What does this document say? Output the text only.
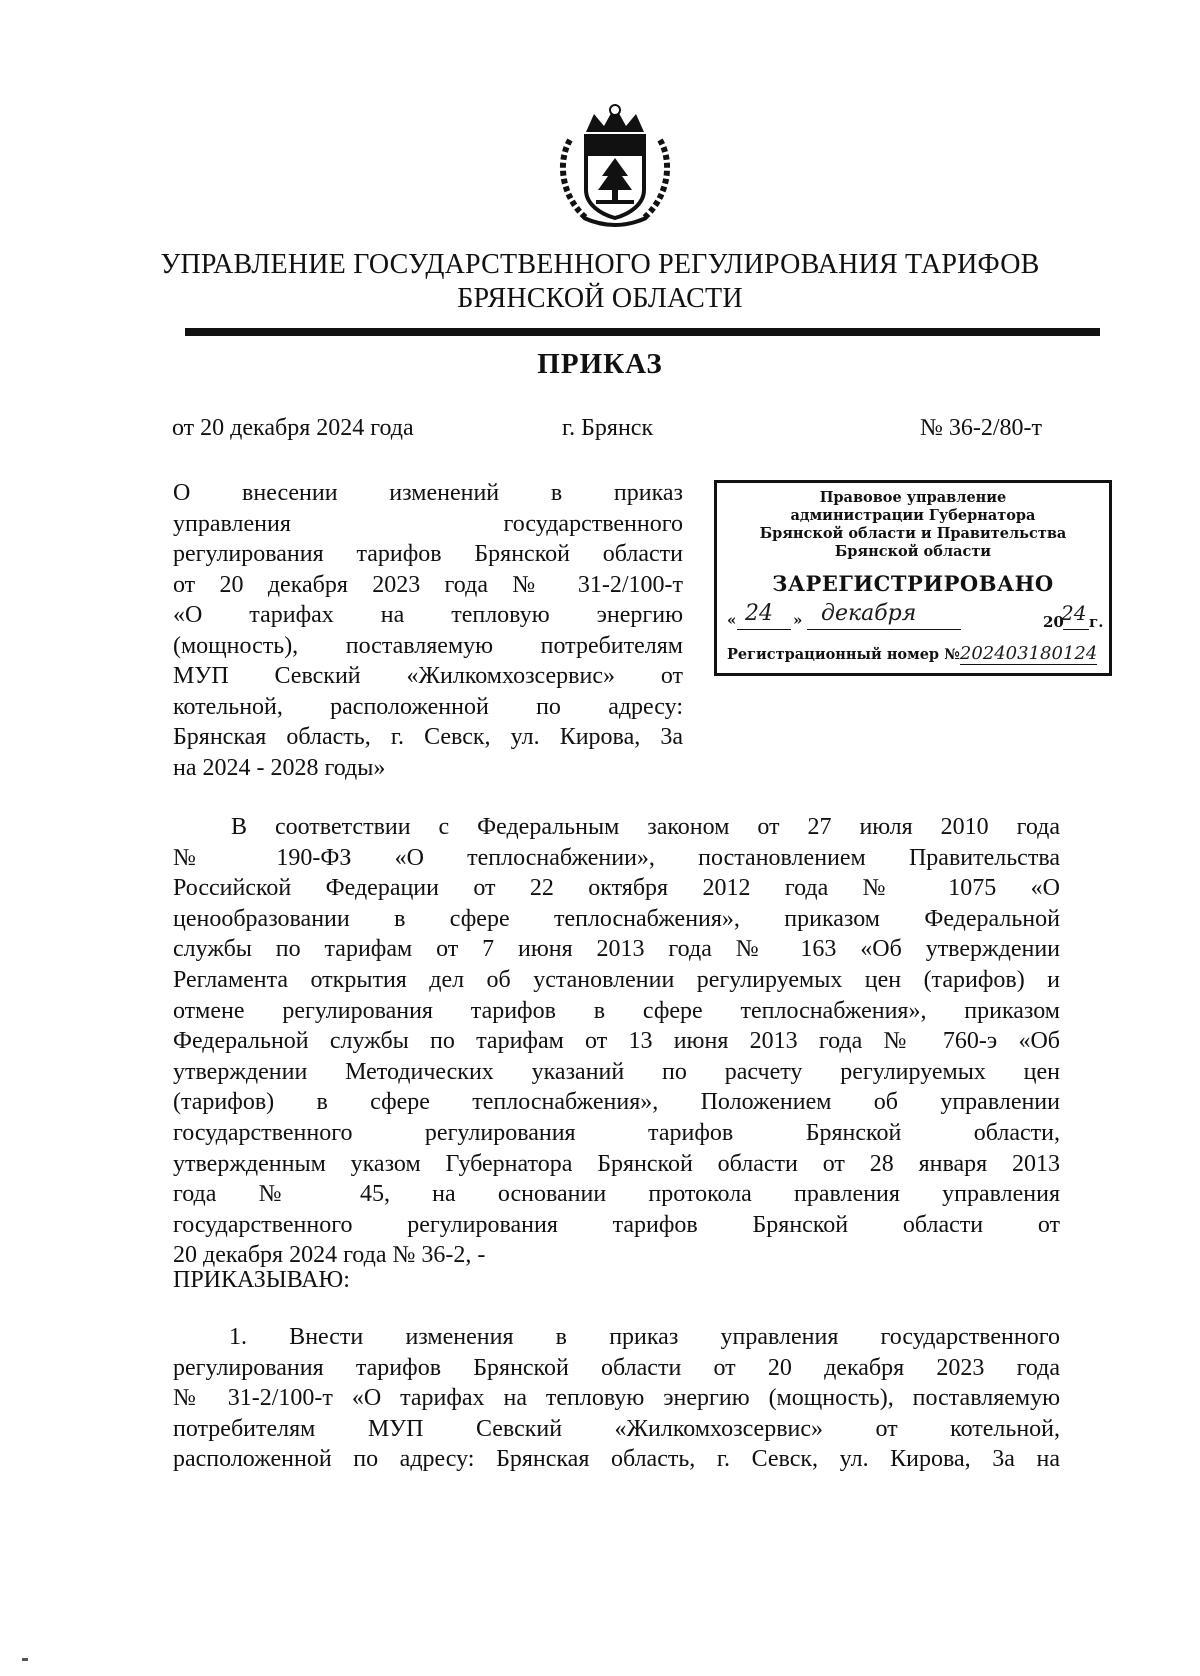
УПРАВЛЕНИЕ ГОСУДАРСТВЕННОГО РЕГУЛИРОВАНИЯ ТАРИФОВ
БРЯНСКОЙ ОБЛАСТИ
ПРИКАЗ
от 20 декабря 2024 года	г. Брянск	№ 36-2/80-т
О внесении изменений в приказ
управления государственного
регулирования тарифов Брянской области
от 20 декабря 2023 года № 31-2/100-т
«О тарифах на тепловую энергию
(мощность), поставляемую потребителям
МУП Севский «Жилкомхозсервис» от
котельной, расположенной по адресу:
Брянская область, г. Севск, ул. Кирова, 3а
на 2024 - 2028 годы»
Правовое управление
администрации Губернатора
Брянской области и Правительства
Брянской области
ЗАРЕГИСТРИРОВАНО
« 24 » декабря	20
24 г.
Регистрационный номер №202403180124
В соответствии с Федеральным законом от 27 июля 2010 года
№ 190-ФЗ «О теплоснабжении», постановлением Правительства
Российской Федерации от 22 октября 2012 года № 1075 «О
ценообразовании в сфере теплоснабжения», приказом Федеральной
службы по тарифам от 7 июня 2013 года № 163 «Об утверждении
Регламента открытия дел об установлении регулируемых цен (тарифов) и
отмене регулирования тарифов в сфере теплоснабжения», приказом
Федеральной службы по тарифам от 13 июня 2013 года № 760-э «Об
утверждении Методических указаний по расчету регулируемых цен
(тарифов) в сфере теплоснабжения», Положением об управлении
государственного регулирования тарифов Брянской области,
утвержденным указом Губернатора Брянской области от 28 января 2013
года № 45, на основании протокола правления управления
государственного регулирования тарифов Брянской области от
20 декабря 2024 года № 36-2, -
ПРИКАЗЫВАЮ:
1. Внести изменения в приказ управления государственного
регулирования тарифов Брянской области от 20 декабря 2023 года
№ 31-2/100-т «О тарифах на тепловую энергию (мощность), поставляемую
потребителям МУП Севский «Жилкомхозсервис» от котельной,
расположенной по адресу: Брянская область, г. Севск, ул. Кирова, 3а на
